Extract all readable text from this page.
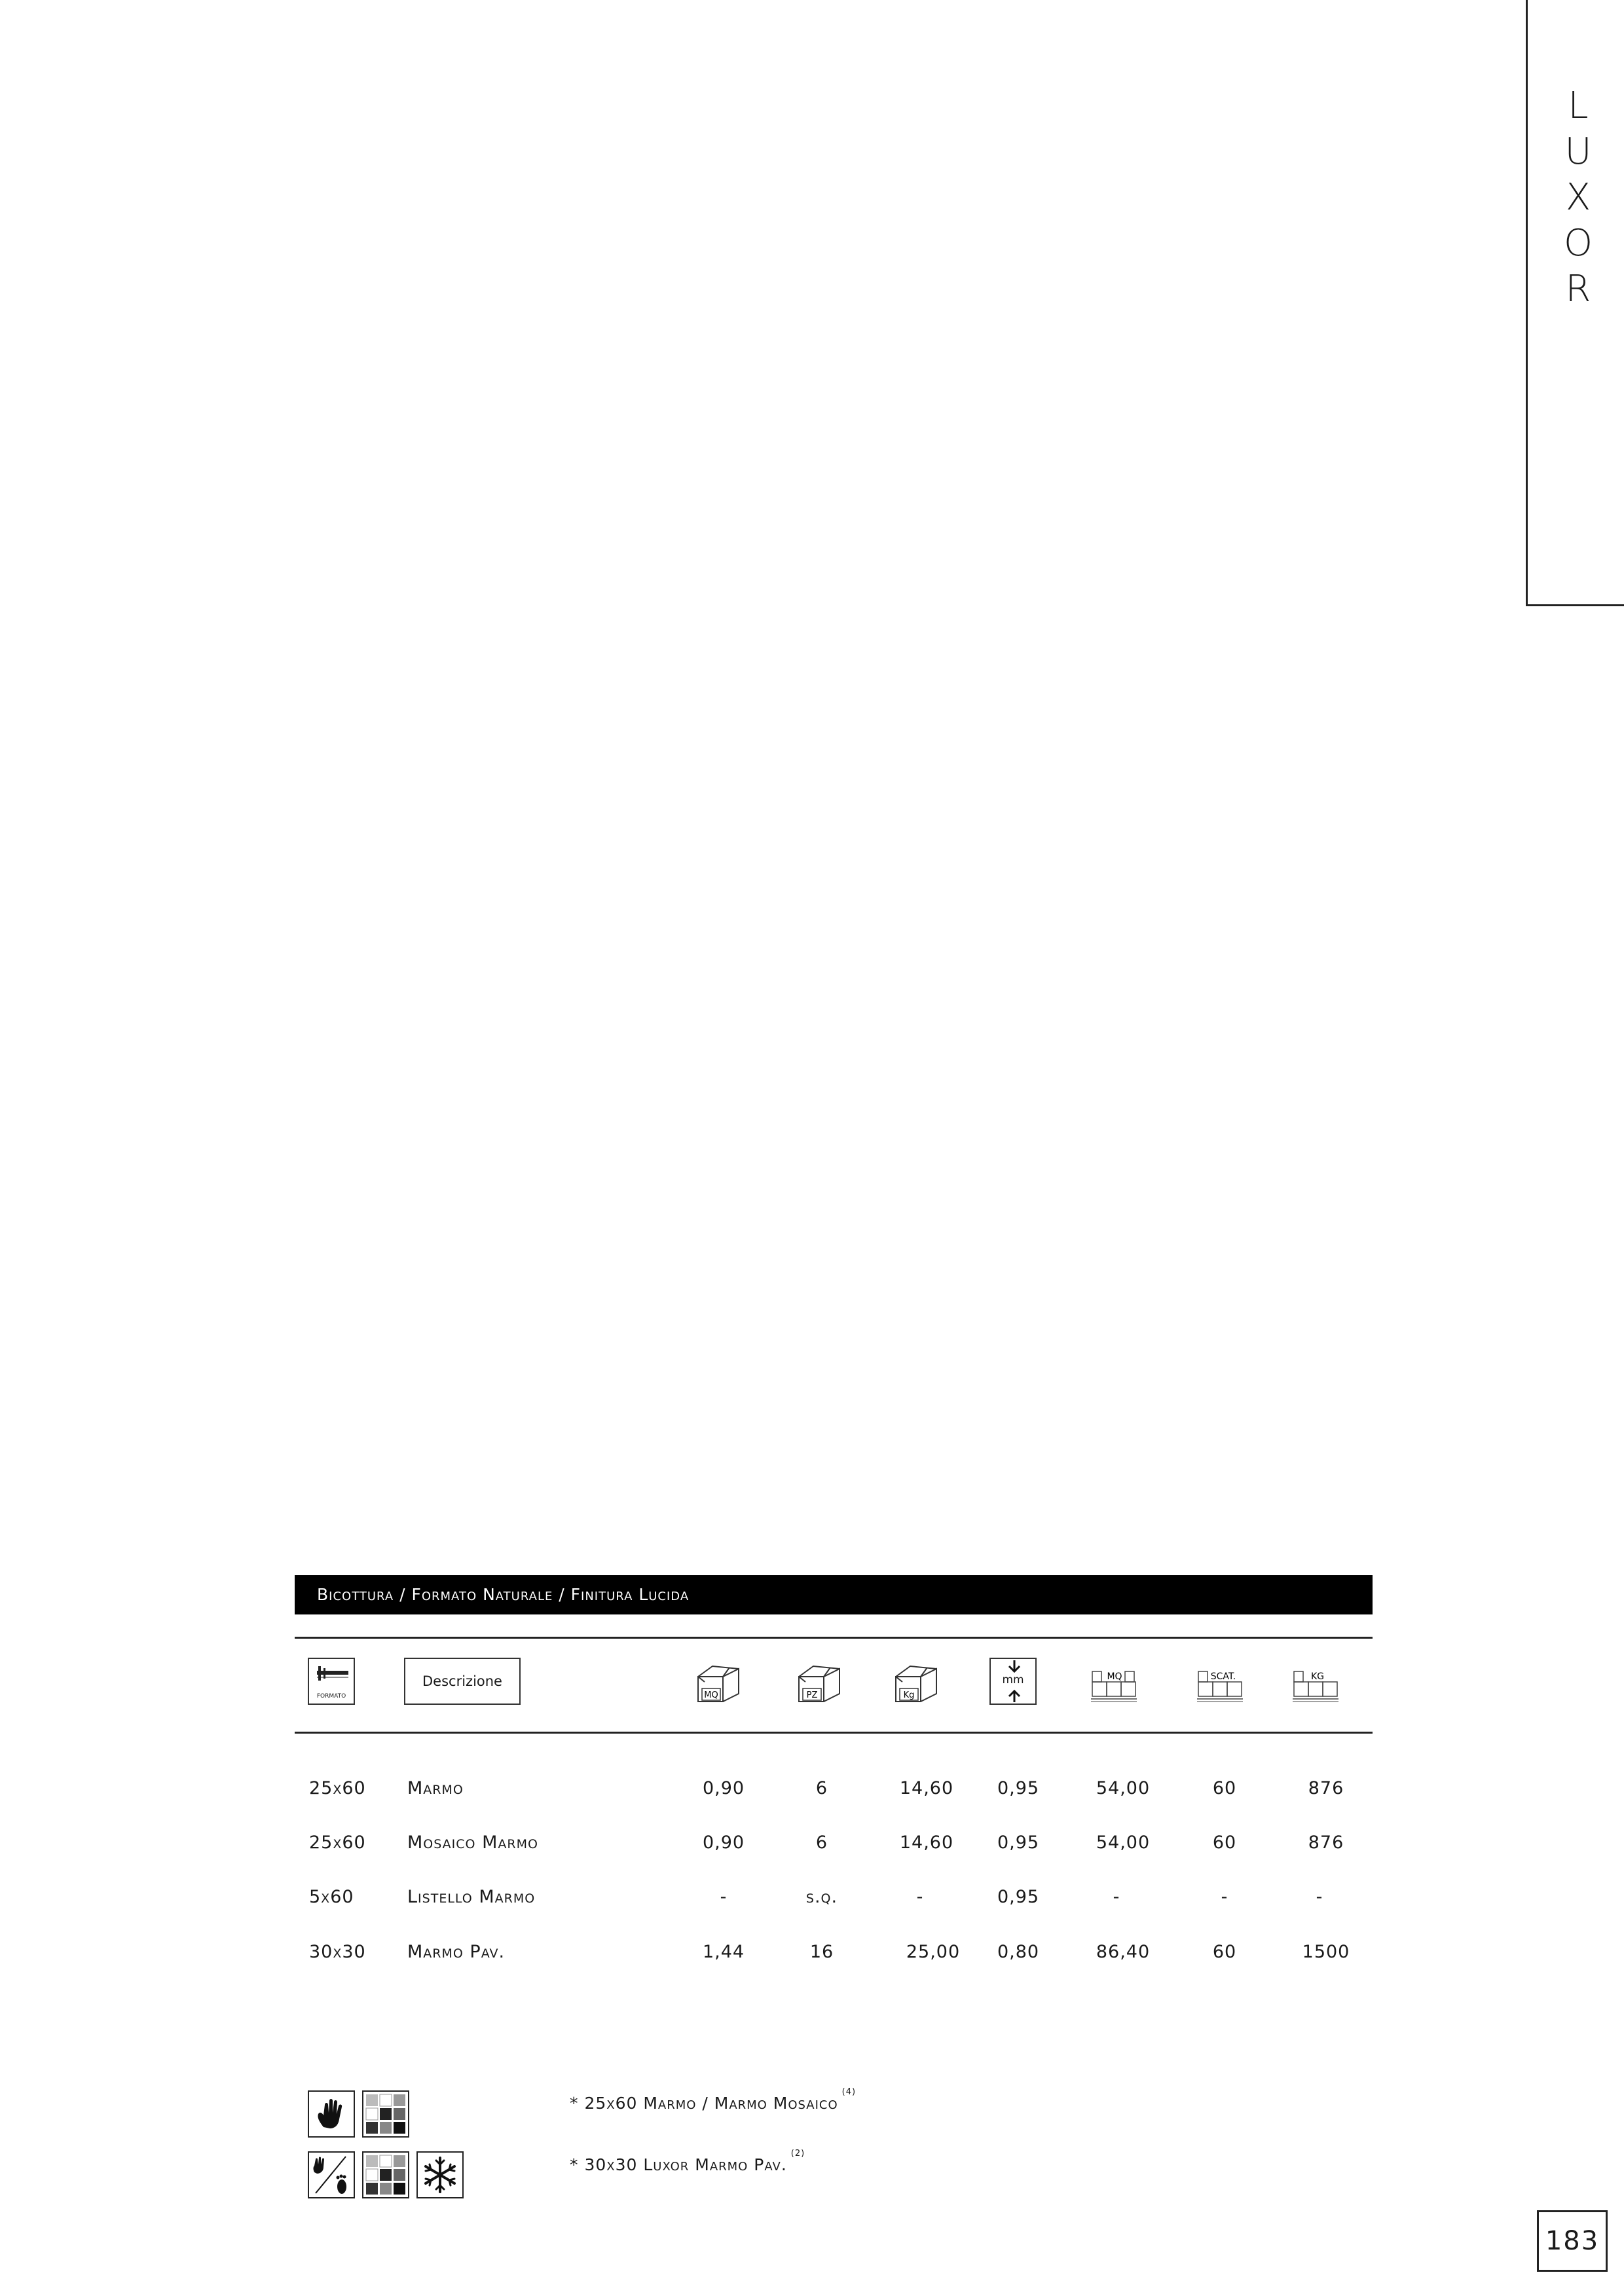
L
U
X
O
R
Bicottura / Formato Naturale / Finitura Lucida
FORMATO
Descrizione
MQ	PZ	Kg
mm	MQ	SCAT.	KG
25x60 Marmo	0,90	6	14,60	0,95	54,00	60	876
25x60 Mosaico Marmo	0,90	6	14,60	0,95	54,00	60	876
5x60	Listello Marmo	-	s.q.	-	0,95	-	-	-
30x30 Marmo Pav.	1,44	16	25,00	0,80	86,40	60	1500
* 25x60 Marmo / Marmo Mosaico$^{(4)}$
* 30x30 Luxor Marmo Pav.$^{(2)}$
183
